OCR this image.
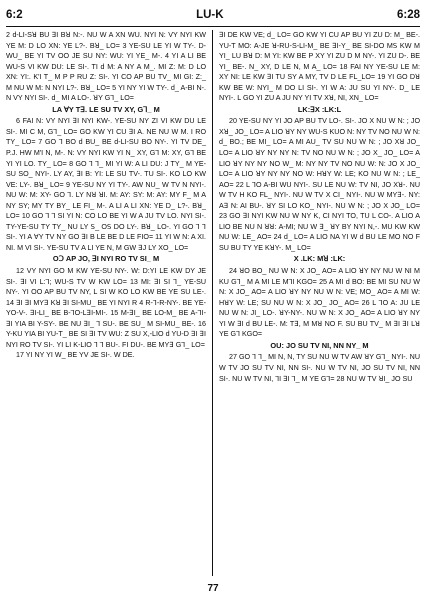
6:2	LU-K	6:28

2 d-LI-Sꓤ BU ꓱI Bꓤ N:-. NU W A XN WU. NYI N: VY NYI KW YE M: D LO XN: YE L?-. Bꓤ_ LO= 3 YE-SU LE YI W TY-. D-WU_ BE YI TV OO JE SU NY: WU: YI YE_ M-. 4 YI A LI BE WU-S VI KW DU: LE SI-. TI d M: A NY A M_. MI Z: M: D LO XN: YI:. K'I T_ M P P RU Z: SI-. YI CO AP BU TV_ MI GI: Z:_ M NU W M: N NYI L?-. Bꓤ_ LO= 5 YI NY YI W TY-. d_ A-BI N-. N VY NYI SI-. d_ MI A LO-. ꓤY Gꓶ_ LO=

LA ꓯY Tꓱ. LE SU TV XY, Gꓶ_ M

6 FAI N: VY NYI ꓱI NYI KW-. YE-SU NY ZI VI KW DU LE SI-. MI C M, Gꓶ_ LO= GO KW YI CU ꓱI A. NE NU W M. I RO TY_ LO= 7 GO ꓶ BO d BU_ BE d-LI-SU BO NY-. YI TV DE_ P.J. HW M'I N, M-. N: VY NYI KW YI N_ XY, Gꓶ M: XY, Gꓶ BE YI YI LO. TY_ LO= 8 GO ꓶ ꓶ_ MI YI W: A LI DU: J TY_ M YE-SU SO_ NYI-. LY AY, ꓱI B: YI: LE SU TV-. TU SI-. KO LO KW VE: LY-. Bꓤ_ LO= 9 YE-SU NY YI TY-. AW NU_ W TV N NYI-. NU W: M: XY- GO ꓶ. LY Nꓤ ꓤI. M: AY: SY: M: AY: MY F_ M A NY SY; MY TY BY_ LE FI_ M-. A LI A LI XN: YE D_ L?-. Bꓤ_ LO= 10 GO ꓶ ꓶ SI YI N: CO LO BE YI W A JU TV LO. NYI SI-. TY-YE-SU TY TY_ NU LY ꓢ_ Oꓢ DO LY-. Bꓤ_ LO-. YI GO ꓶ ꓶ SI-. YI A ꓯY TV NY GO ꓱI B LE BE D LE FIO= 11 YI W N: A XI. NI. M VI SI-. YE-SU TV A LI YE N, M GW ꓱJ LY XO_ LO=

Oꓛ AP JO, ꓱI NYI RO TV SI_ M

12 VY NYI GO M KW YE-SU NY-. W: D:YI LE KW DY JE SI-. ꓱI VI L:ꓶ; WU-S TV W KW LO= 13 MI: ꓱI ꓢI ꓶ_ YE-SU NY-. YI OO AP BU TV NY, L SI W KO LO KW BE YE SU LE-. 14 ꓱI ꓱI MYꓱ Kꓤ ꓱI SI-MU_ BE YI NYI R 4 R-ꓶ-R-NY-. BE YE-YO-V-. ꓱI-LI_ BE B-ꓶO-LꓱI-MI-. 15 M-ꓱI_ BE LO-M_ BE A-ꓶI-ꓱI YIA BI Y-SY-. BE NU ꓱI_ ꓶ SU-. BE SU_ M SI-MU_ BE-. 16 Y-KU YIA BI YU-T_ BE SI ꓱI TV WU: Z SU X,-LIO d YU-D ꓱI ꓱI NYI RO TV SI-. YI LI K-LIO ꓶ ꓶ BU-. FI DU-. BE MYꓱ Gꓶ_ LO=

17 YI NY YI W_ BE YV JE SI-. W DE.

ꓱI DE KW VE; d_ LO= GO KW YI CU AP BU YI ZU D: M_ BE-. YU-T MO: A-JE ꓤ-RU-S-LI-M_ BE ꓱI-Y_ BE SI-DO Mꓢ KW M YI_ LU Bꓤ D: M YI: KW BE P XY YI ZU D M NY-. YI ZU D-. BE YI_ BE-. N_ XY, D LE N, M A_ LO= 18 FAI NY YE-SU LE M: XY NI: LE KW ꓱI TU SY A MY, TV D LE FL_LO= 19 YI GO Dꓤ KW BE W: NYI_ M DO LI SI-. YI W A: JU SU YI NY-. D_ LE NYI-. L GO YI ZU A JU NY YI TV Xꓤ, NI, XN_ LO=

LK:ꓱX :LK:L

20 YE-SU NY YI JO AP BU TV LO-. SI-. JO X NU W N: ; JO Xꓤ_ JO_ LO= A LIO ꓤY NY WU-S KUO N: NY TV NO NU W N: d_ BO.; BE MI_ LO= A MI AU_ TV SU NU W N: ; JO Xꓤ JO_ LO= A LIO ꓤY NY NY N: TV NO NU W N: ; JO X_ JO_ LO= A LIO ꓤY NY NY NO W_ M: NY NY TV NO NU W: N: JO X JO_ LO= A LIO ꓤY NY NY NO W: HꓤY W: LE; KO NU W N: ; LE_ AO= 22 L ꓶO A-BI WU NYI-. SU LE NU W: TV NI, JO Xꓤ-. NU W TV H KO FL_ NYI-. NU W TV X CI_ NYI-. NU W MYꓱ-. NY: Aꓱ N: AI BU-. ꓤY SI LO KO_ NYI-. NU W N: ; JO X JO_ LO= 23 GO ꓱI NYI KW NU W NY K, CI NYI TO, TU L CO-. A LIO A LIO BE NU N ꓤꓤ: A-MI; NU W ꓱ_ ꓤY BY NYI N,-. MU KW KW NU W: LE_ AO= 24 d_ LO= A LIO NA YI W d BU LE MO NO F SU BU TY YE KꓤY-. M_ LO=

X .LK: Mꓤ :LK:

24 ꓤO BO_ NU W N: X JO_ AO= A LIO ꓤY NY NU W NI M KU Gꓶ_ M A MI LE MꓶI KGO= 25 A MI d BO: BE MI SU NU W N: X JO_ AO= A LIO ꓤY NY NU W N: VE; MO_ AO= A MI W: HꓤY W: LE; SU NU W N: X JO_ JO_ AO= 26 L ꓶO A: JU LE NU W N: JI_ LO-. ꓤY-NY-. NU W N: X JO_ AO= A LIO ꓤY NY YI W ꓱI d BU LE-. M: Tꓱ, M Mꓤ NO F. SU BU TV_ M ꓱI ꓱI Lꓤ YE Gꓶ KGO=

OU: JO SU TV NI, NN NY_ M

27 GO ꓶ ꓶ_ MI N, N, TY SU NU W TV AW ꓤY Gꓶ_ NYI-. NU W TV JO SU TV NI, NN SI-. NU W TV NI, JO SU TV NI, NN SI-. NU W TV NI, ꓶI ꓱI ꓶ_ M YE Gꓶ= 28 NU W TV ꓤI_ JO SU

77
